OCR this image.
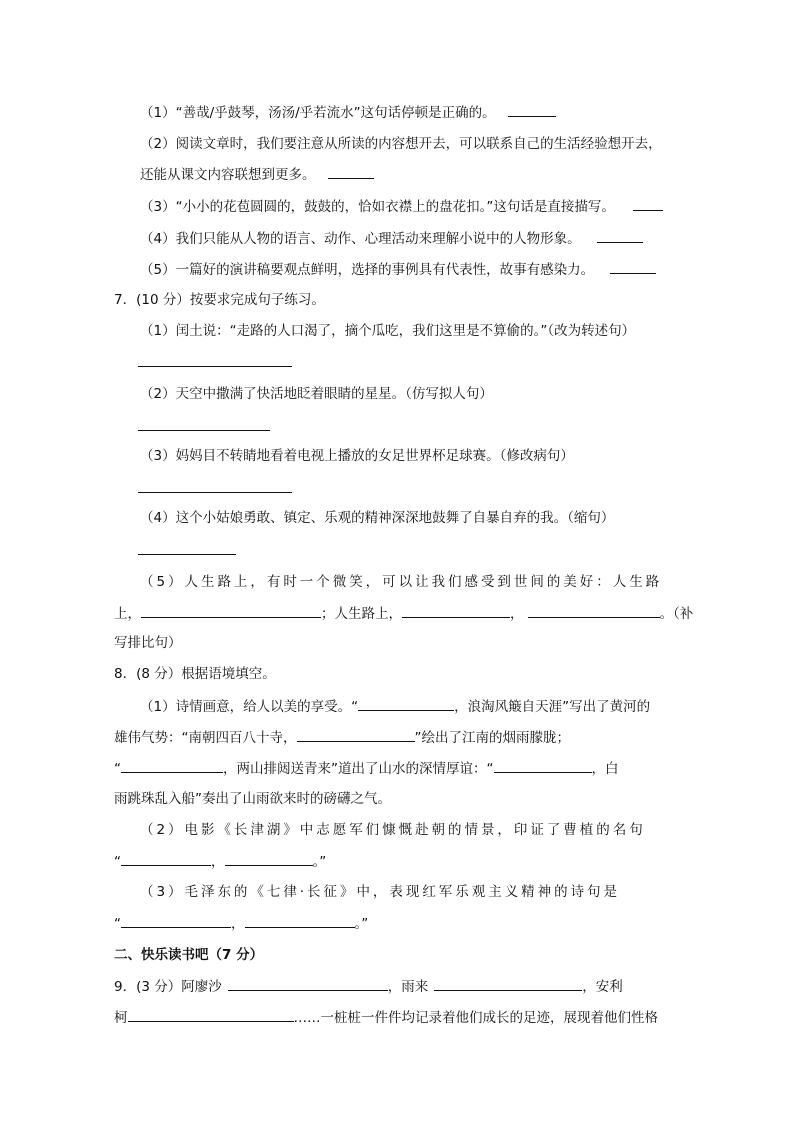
（1）“善哉/乎鼓琴，汤汤/乎若流水”这句话停顿是正确的。
（2）阅读文章时，我们要注意从所读的内容想开去，可以联系自己的生活经验想开去，
还能从课文内容联想到更多。
（3）“小小的花苞圆圆的，鼓鼓的，恰如衣襟上的盘花扣。”这句话是直接描写。
（4）我们只能从人物的语言、动作、心理活动来理解小说中的人物形象。
（5）一篇好的演讲稿要观点鲜明，选择的事例具有代表性，故事有感染力。
7．(10 分）按要求完成句子练习。
（1）闰土说：“走路的人口渴了，摘个瓜吃，我们这里是不算偷的。”（改为转述句）
（2）天空中撒满了快活地眨着眼睛的星星。（仿写拟人句）
（3）妈妈目不转睛地看着电视上播放的女足世界杯足球赛。（修改病句）
（4）这个小姑娘勇敢、镇定、乐观的精神深深地鼓舞了自暴自弃的我。（缩句）
（5）人生路上，有时一个微笑，可以让我们感受到世间的美好：人生路
上，	；人生路上，	，	。（补
写排比句）
8．(8 分）根据语境填空。
（1）诗情画意，给人以美的享受。“	，浪淘风簸自天涯”写出了黄河的
雄伟气势：“南朝四百八十寺，	”绘出了江南的烟雨朦胧；
“	，两山排闼送青来”道出了山水的深情厚谊：“	，白
雨跳珠乱入船”奏出了山雨欲来时的磅礴之气。
（2）电影《长津湖》中志愿军们慷慨赴朝的情景，印证了曹植的名句
“	，	。”
（3）毛泽东的《七律·长征》中，表现红军乐观主义精神的诗句是
“	，	。”
二、快乐读书吧（7 分）
9．(3 分）阿廖沙	，雨来	，安利
柯	……一桩桩一件件均记录着他们成长的足迹，展现着他们性格
